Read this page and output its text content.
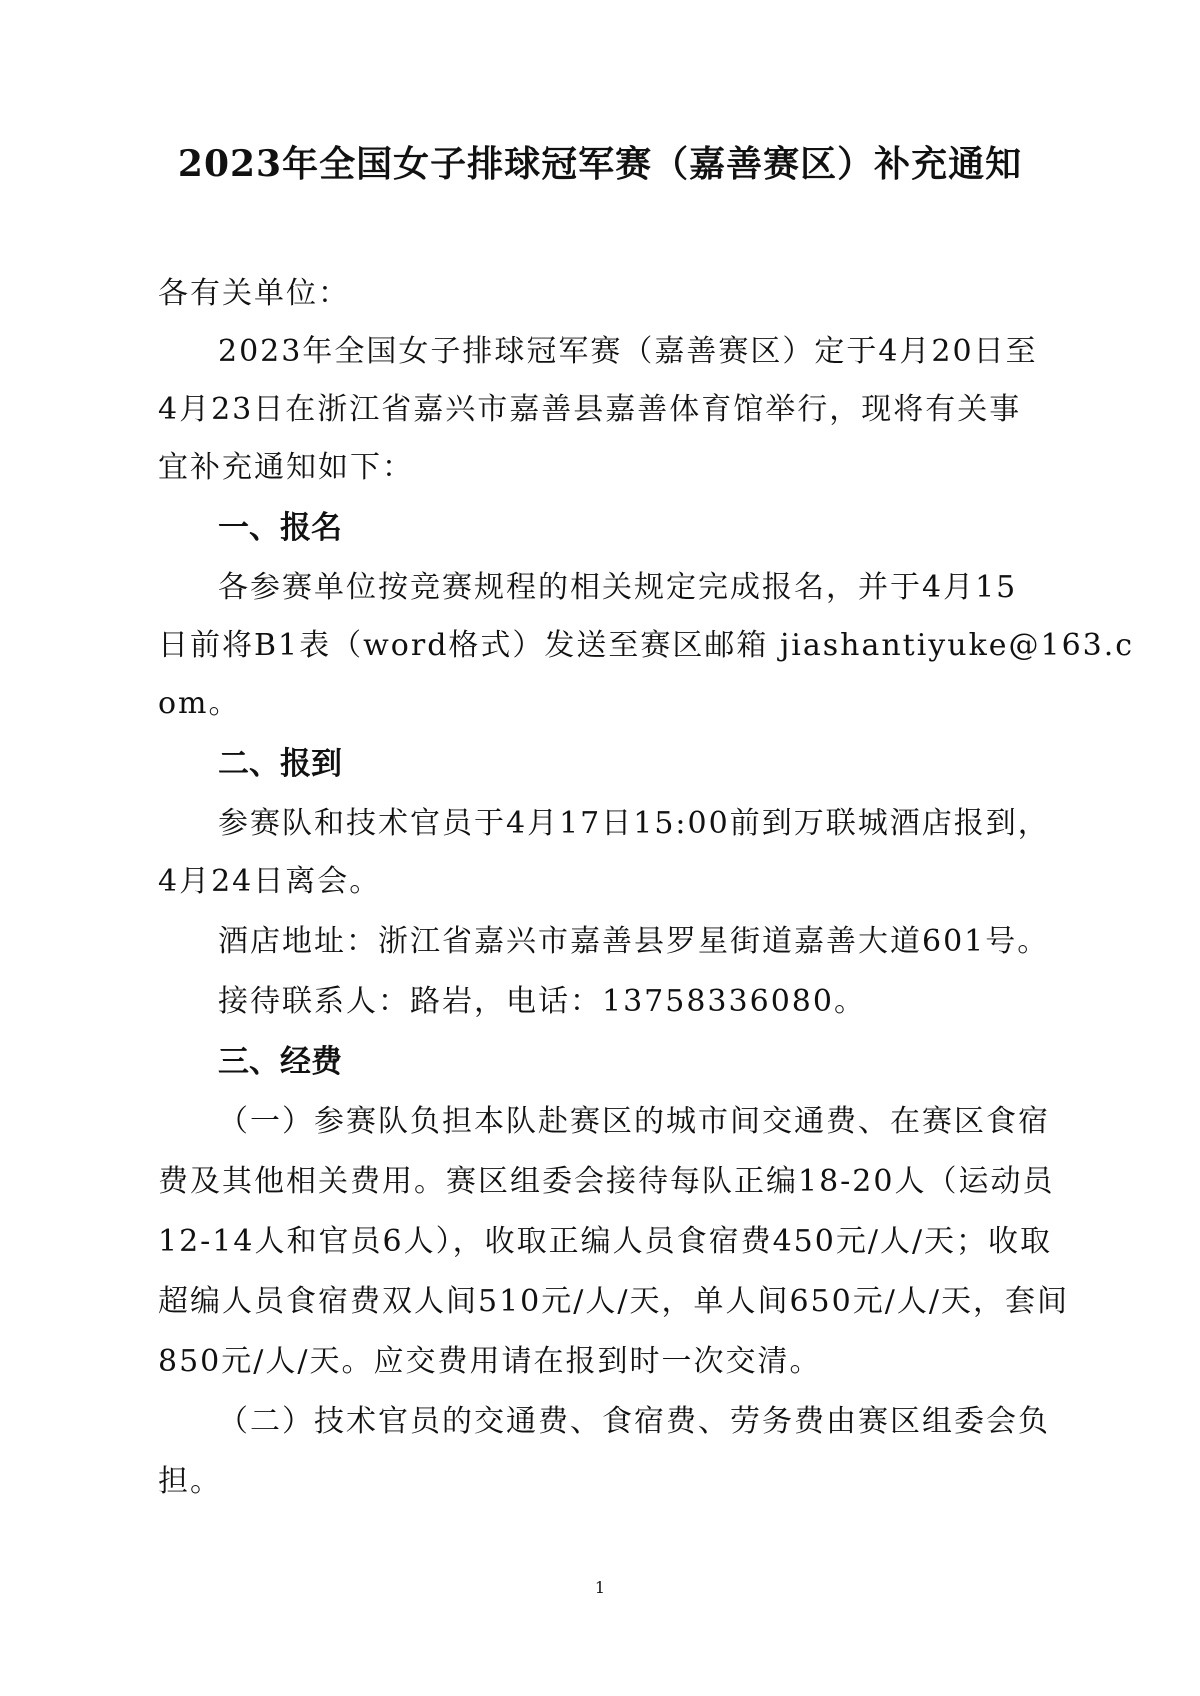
2023年全国女子排球冠军赛（嘉善赛区）补充通知
各有关单位：
2023年全国女子排球冠军赛（嘉善赛区）定于4月20日至
4月23日在浙江省嘉兴市嘉善县嘉善体育馆举行，现将有关事
宜补充通知如下：
一、报名
各参赛单位按竞赛规程的相关规定完成报名，并于4月15
日前将B1表（word格式）发送至赛区邮箱 jiashantiyuke@163.c
om。
二、报到
参赛队和技术官员于4月17日15:00前到万联城酒店报到，
4月24日离会。
酒店地址：浙江省嘉兴市嘉善县罗星街道嘉善大道601号。
接待联系人：路岩，电话：13758336080。
三、经费
（一）参赛队负担本队赴赛区的城市间交通费、在赛区食宿
费及其他相关费用。赛区组委会接待每队正编18-20人（运动员
12-14人和官员6人），收取正编人员食宿费450元/人/天；收取
超编人员食宿费双人间510元/人/天，单人间650元/人/天，套间
850元/人/天。应交费用请在报到时一次交清。
（二）技术官员的交通费、食宿费、劳务费由赛区组委会负
担。
1
